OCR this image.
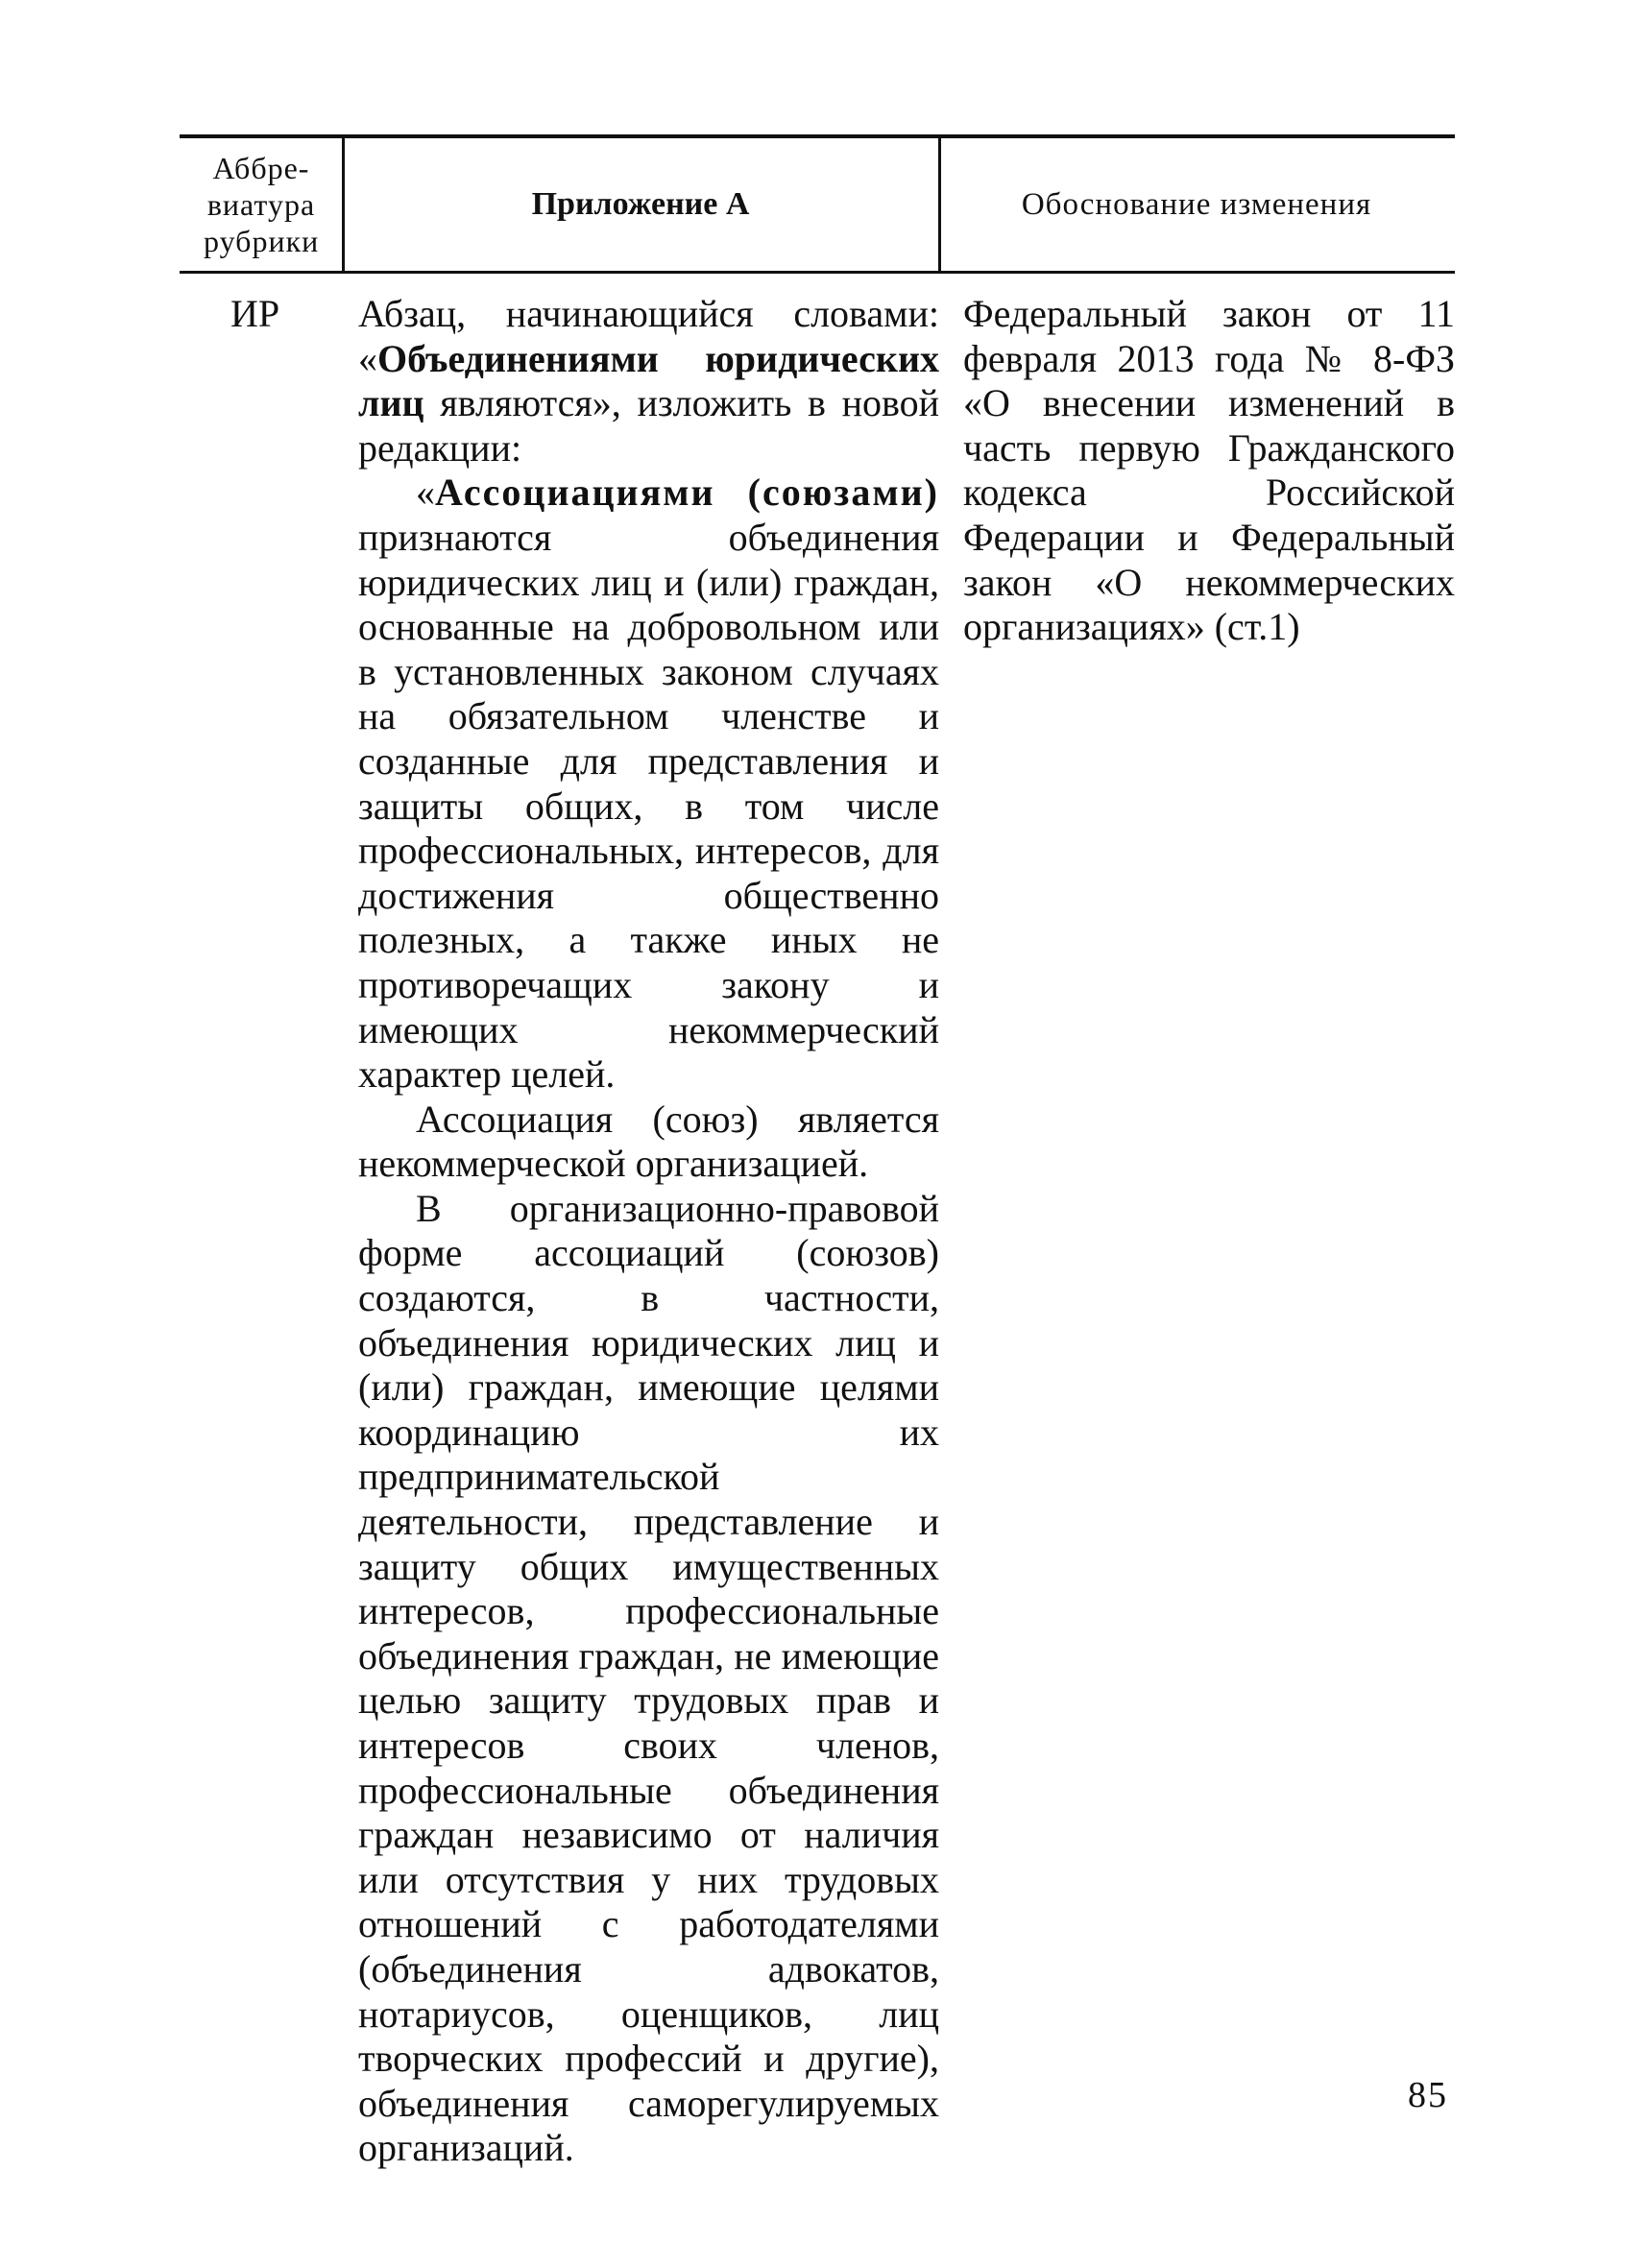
Аббре-виатура рубрики
Приложение А	Обоснование изменения
ИР Абзац, начинающийся словами: «Объединениями юридических лиц являются», изложить в новой редакции:

«Ассоциациями (союзами) признаются объединения юридических лиц и (или) граждан, основанные на добровольном или в установленных законом случаях на обязательном членстве и созданные для представления и защиты общих, в том числе профессиональных, интересов, для достижения общественно полезных, а также иных не противоречащих закону и имеющих некоммерческий характер целей.

Ассоциация (союз) является некоммерческой организацией.

В организационно-правовой форме ассоциаций (союзов) создаются, в частности, объединения юридических лиц и (или) граждан, имеющие целями координацию их предпринимательской деятельности, представление и защиту общих имущественных интересов, профессиональные объединения граждан, не имеющие целью защиту трудовых прав и интересов своих членов, профессиональные объединения граждан независимо от наличия или отсутствия у них трудовых отношений с работодателями (объединения адвокатов, нотариусов, оценщиков, лиц творческих профессий и другие), объединения саморегулируемых организаций.

Федеральный закон от 11 февраля 2013 года № 8-ФЗ «О внесении изменений в часть первую Гражданского кодекса Российской Федерации и Федеральный закон «О некоммерческих организациях» (ст.1)

85
